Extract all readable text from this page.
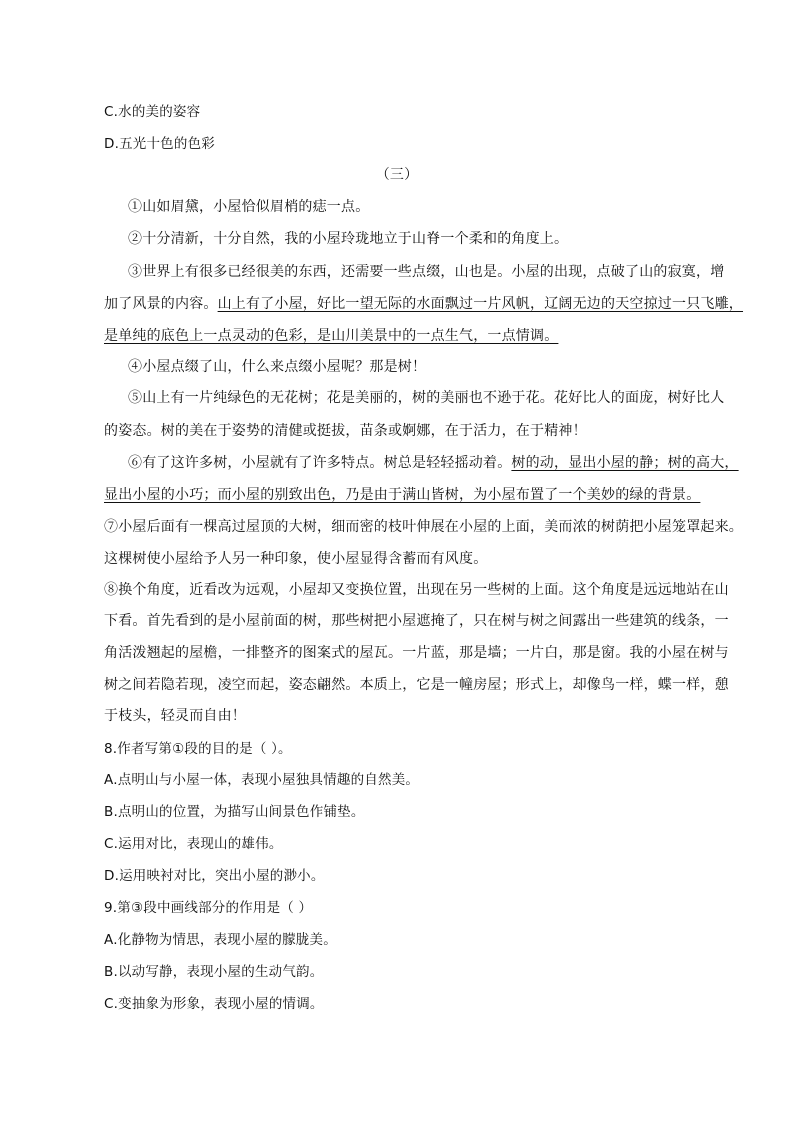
C.水的美的姿容
D.五光十色的色彩
（三）
①山如眉黛，小屋恰似眉梢的痣一点。
②十分清新，十分自然，我的小屋玲珑地立于山脊一个柔和的角度上。
③世界上有很多已经很美的东西，还需要一些点缀，山也是。小屋的出现，点破了山的寂寞，增
加了风景的内容。山上有了小屋，好比一望无际的水面飘过一片风帆，辽阔无边的天空掠过一只飞雕，
是单纯的底色上一点灵动的色彩，是山川美景中的一点生气，一点情调。
④小屋点缀了山，什么来点缀小屋呢？那是树！
⑤山上有一片纯绿色的无花树；花是美丽的，树的美丽也不逊于花。花好比人的面庞，树好比人
的姿态。树的美在于姿势的清健或挺拔，苗条或婀娜，在于活力，在于精神！
⑥有了这许多树，小屋就有了许多特点。树总是轻轻摇动着。树的动，显出小屋的静；树的高大，
显出小屋的小巧；而小屋的别致出色，乃是由于满山皆树，为小屋布置了一个美妙的绿的背景。
⑦小屋后面有一棵高过屋顶的大树，细而密的枝叶伸展在小屋的上面，美而浓的树荫把小屋笼罩起来。
这棵树使小屋给予人另一种印象，使小屋显得含蓄而有风度。
⑧换个角度，近看改为远观，小屋却又变换位置，出现在另一些树的上面。这个角度是远远地站在山
下看。首先看到的是小屋前面的树，那些树把小屋遮掩了，只在树与树之间露出一些建筑的线条，一
角活泼翘起的屋檐，一排整齐的图案式的屋瓦。一片蓝，那是墙；一片白，那是窗。我的小屋在树与
树之间若隐若现，凌空而起，姿态翩然。本质上，它是一幢房屋；形式上，却像鸟一样，蝶一样，憩
于枝头，轻灵而自由！
8.作者写第①段的目的是（ ）。
A.点明山与小屋一体，表现小屋独具情趣的自然美。
B.点明山的位置，为描写山间景色作铺垫。
C.运用对比，表现山的雄伟。
D.运用映衬对比，突出小屋的渺小。
9.第③段中画线部分的作用是（ ）
A.化静物为情思，表现小屋的朦胧美。
B.以动写静，表现小屋的生动气韵。
C.变抽象为形象，表现小屋的情调。
